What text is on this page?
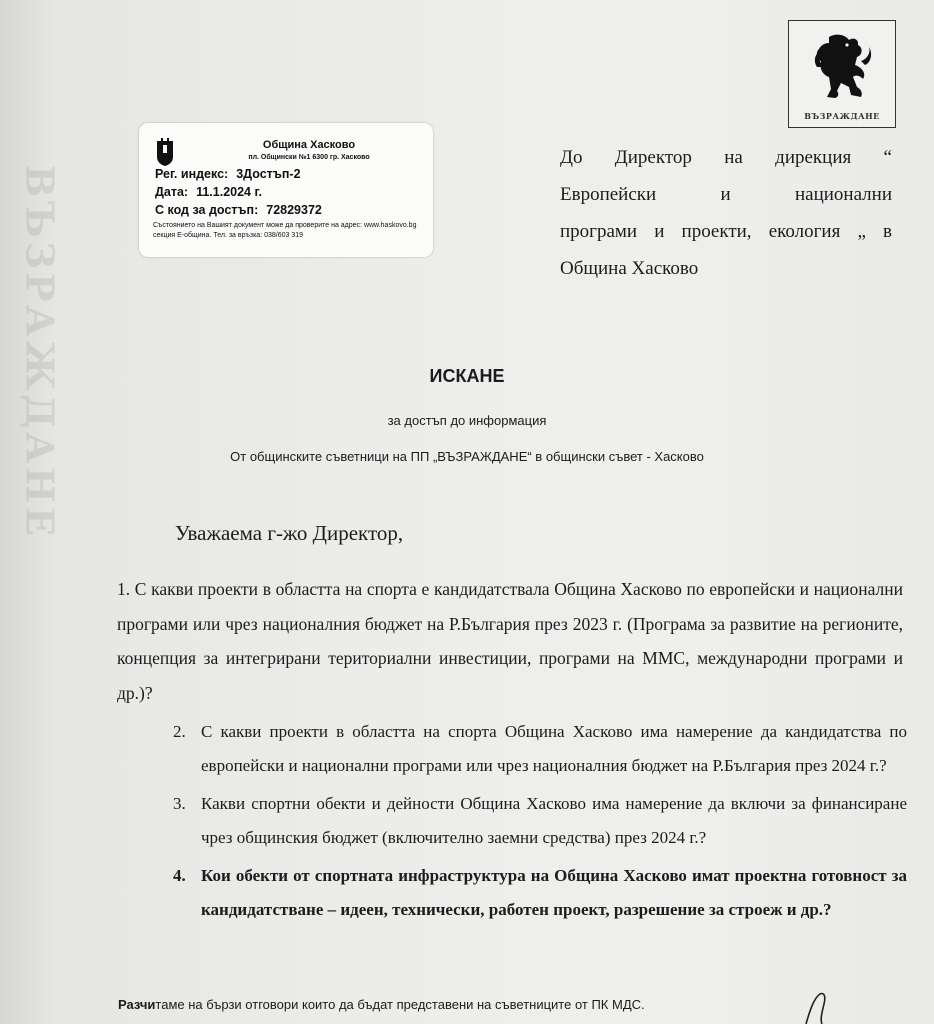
ВЪЗРАЖДАНЕ
ВЪЗРАЖДАНЕ
Община Хасково
пл. Общински №1 6300 гр. Хасково
Рег. индекс: 3Достъп-2
Дата: 11.1.2024 г.
С код за достъп: 72829372
Състоянието на Вашият документ може да проверите на адрес: www.haskovo.bg секция Е-община. Тел. за връзка: 038/603 319
До Директор на дирекция “
Европейски и национални
програми и проекти, екология „ в
Община Хасково
ИСКАНЕ
за достъп до информация
От общинските съветници на ПП „ВЪЗРАЖДАНЕ“ в общински съвет - Хасково
Уважаема г-жо Директор,
1. С какви проекти в областта на спорта е кандидатствала Община Хасково по европейски и национални програми или чрез националния бюджет на Р.България през 2023 г. (Програма за развитие на регионите, концепция за интегрирани териториални инвестиции, програми на ММС, международни програми и др.)?
2. С какви проекти в областта на спорта Община Хасково има намерение да кандидатства по европейски и национални програми или чрез националния бюджет на Р.България през 2024 г.?
3. Какви спортни обекти и дейности Община Хасково има намерение да включи за финансиране чрез общинския бюджет (включително заемни средства) през 2024 г.?
4. Кои обекти от спортната инфраструктура на Община Хасково имат проектна готовност за кандидатстване – идеен, технически, работен проект, разрешение за строеж и др.?
Разчитаме на бързи отговори които да бъдат представени на съветниците от ПК МДС.
